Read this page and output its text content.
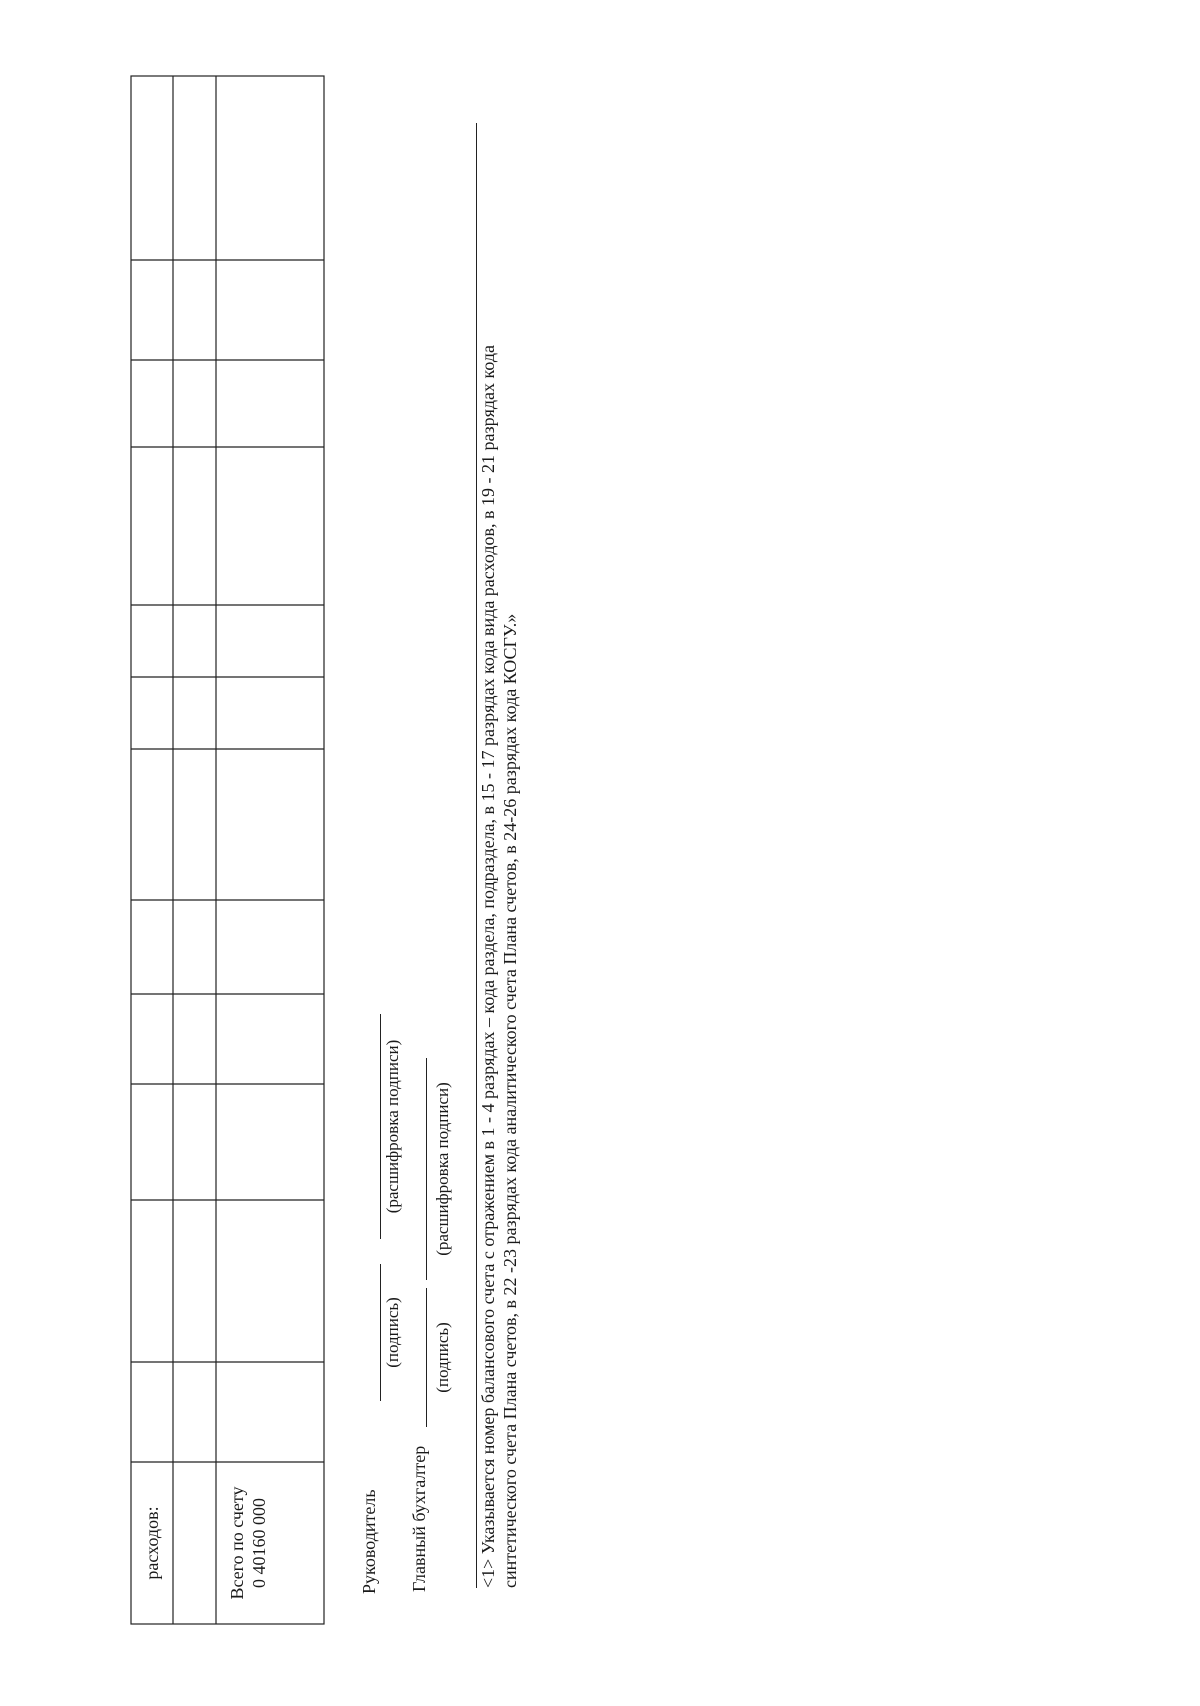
расходов:	Всего по счету 0 40160 000	Руководитель
(подпись)
(расшифровка подписи)
Главный бухгалтер
(подпись)
(расшифровка подписи) <1> Указывается номер балансового счета с отражением в 1 - 4 разрядах – кода раздела, подраздела, в 15 - 17 разрядах кода вида расходов, в 19 - 21 разрядах кода синтетического счета Плана счетов, в 22 -23 разрядах кода аналитического счета Плана счетов, в 24-26 разрядах кода КОСГУ.»
